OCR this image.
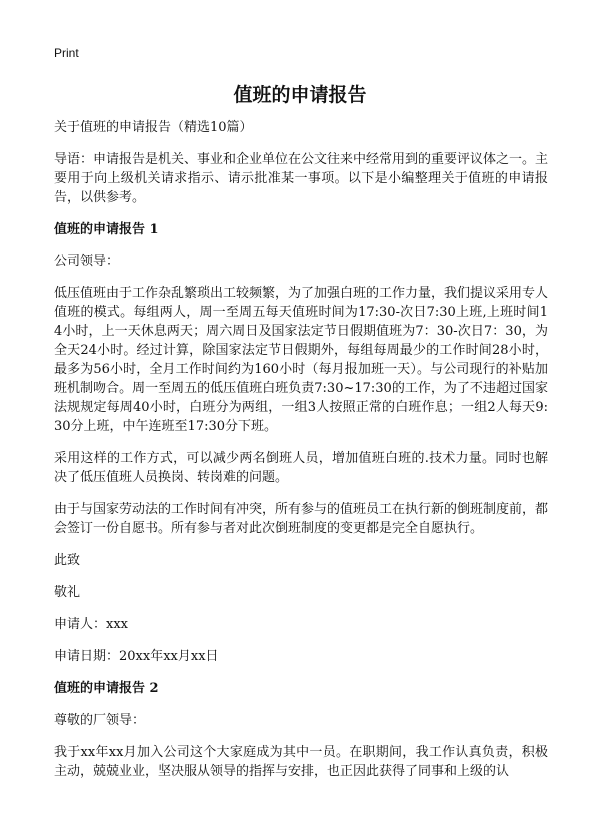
Print
值班的申请报告

关于值班的申请报告（精选10篇）

导语：申请报告是机关、事业和企业单位在公文往来中经常用到的重要评议体之一。主要用于向上级机关请求指示、请示批准某一事项。以下是小编整理关于值班的申请报告，以供参考。

值班的申请报告 1

公司领导：

低压值班由于工作杂乱繁琐出工较频繁，为了加强白班的工作力量，我们提议采用专人值班的模式。每组两人，周一至周五每天值班时间为17:30-次日7:30上班,上班时间14小时，上一天休息两天；周六周日及国家法定节日假期值班为7：30-次日7：30，为全天24小时。经过计算，除国家法定节日假期外，每组每周最少的工作时间28小时，最多为56小时，全月工作时间约为160小时（每月报加班一天）。与公司现行的补贴加班机制吻合。周一至周五的低压值班白班负责7:30~17:30的工作，为了不违超过国家法规规定每周40小时，白班分为两组，一组3人按照正常的白班作息；一组2人每天9:30分上班，中午连班至17:30分下班。

采用这样的工作方式，可以减少两名倒班人员，增加值班白班的.技术力量。同时也解决了低压值班人员换岗、转岗难的问题。

由于与国家劳动法的工作时间有冲突，所有参与的值班员工在执行新的倒班制度前，都会签订一份自愿书。所有参与者对此次倒班制度的变更都是完全自愿执行。

此致

敬礼

申请人：xxx

申请日期：20xx年xx月xx日

值班的申请报告 2

尊敬的厂领导：

我于xx年xx月加入公司这个大家庭成为其中一员。在职期间，我工作认真负责，积极主动，兢兢业业，坚决服从领导的指挥与安排，也正因此获得了同事和上级的认
